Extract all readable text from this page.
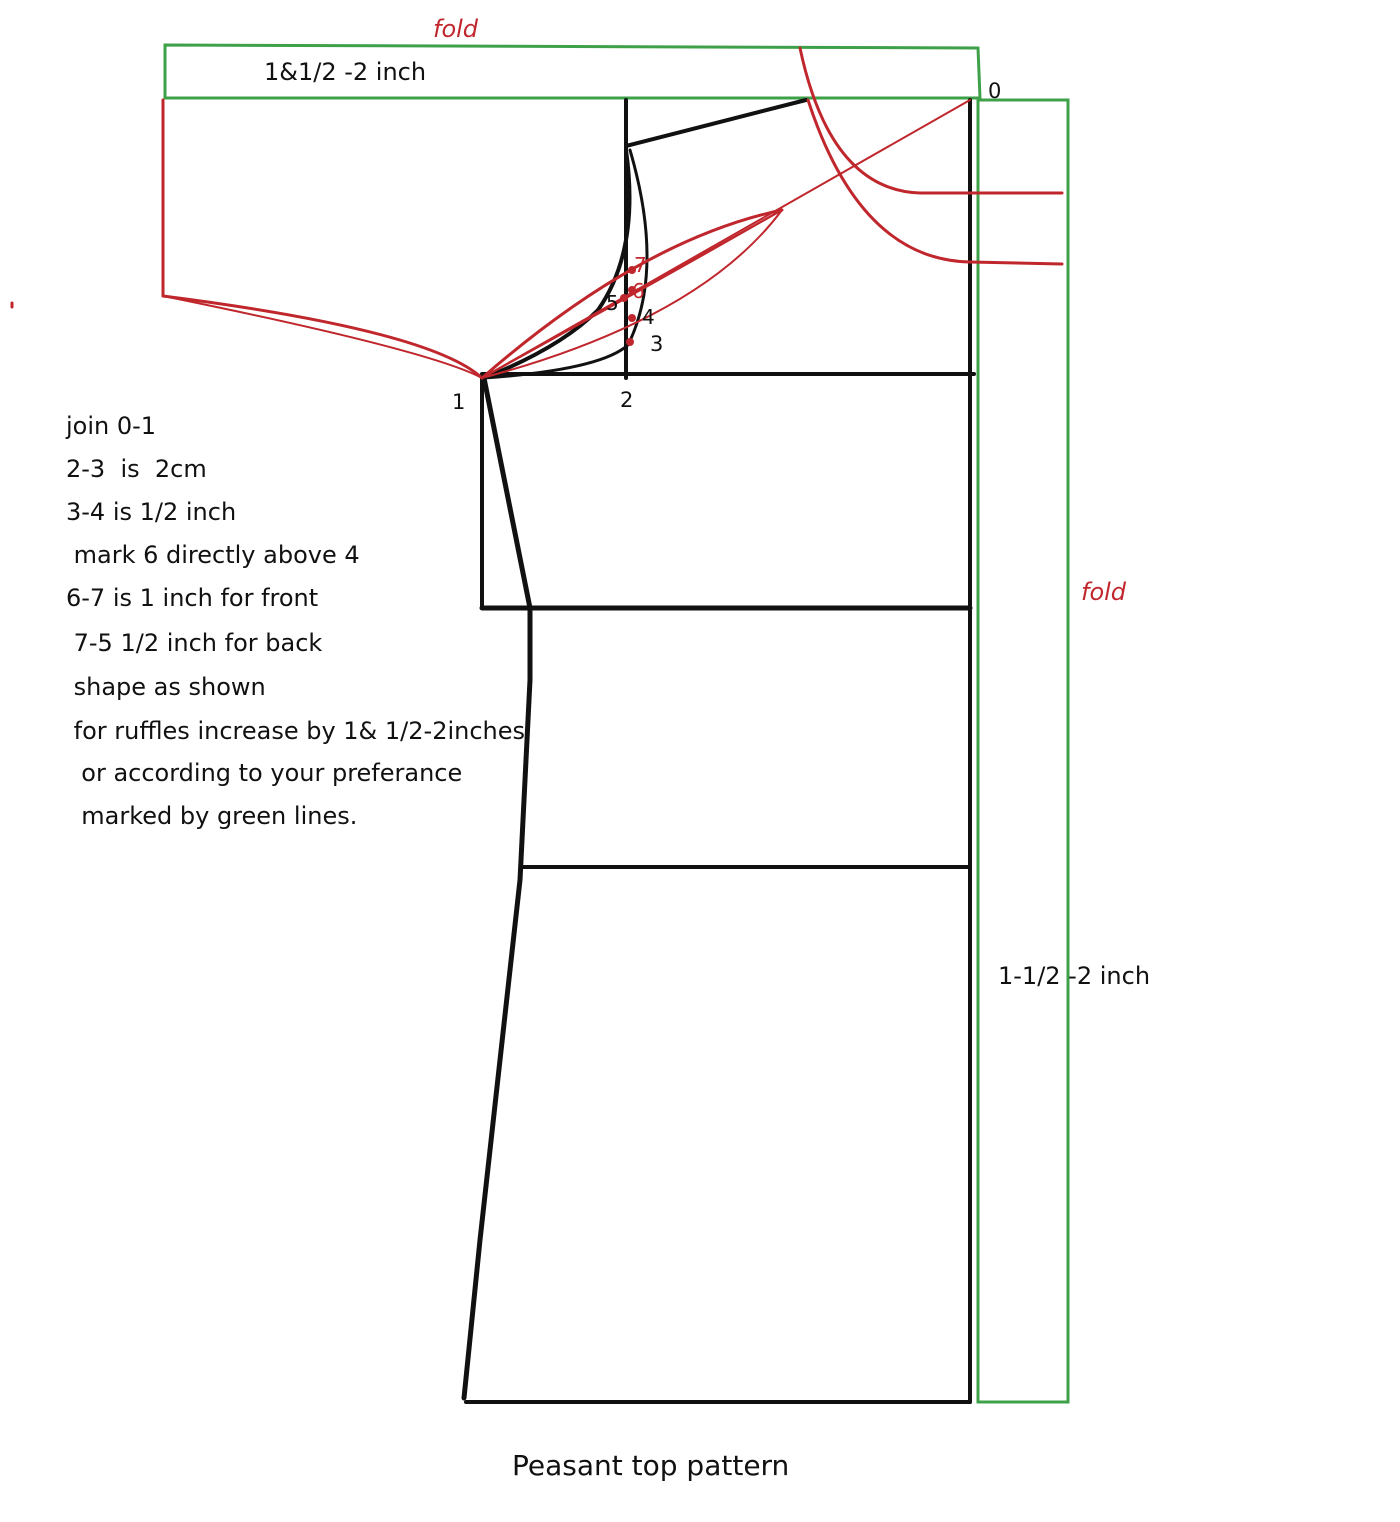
fold
fold
1&1/2 -2 inch
1-1/2 -2 inch
0
1	2
3
4
5 6
7
join 0-1
2-3  is  2cm
3-4 is 1/2 inch
mark 6 directly above 4
6-7 is 1 inch for front
7-5 1/2 inch for back
shape as shown
for ruffles increase by 1& 1/2-2inches
or according to your preferance
marked by green lines.
Peasant top pattern
